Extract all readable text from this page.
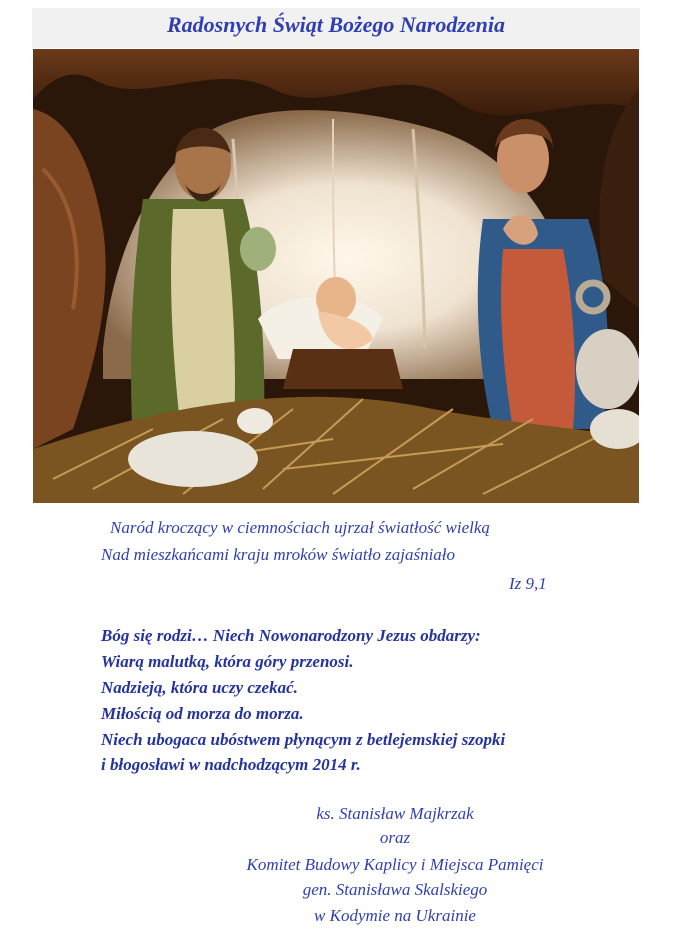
Radosnych Świąt Bożego Narodzenia
Naród kroczący w ciemnościach ujrzał światłość wielką
Nad mieszkańcami kraju mroków światło zajaśniało
Iz 9,1
Bóg się rodzi… Niech Nowonarodzony Jezus obdarzy:
Wiarą malutką, która góry przenosi.
Nadzieją, która uczy czekać.
Miłością od morza do morza.
Niech ubogaca ubóstwem płynącym z betlejemskiej szopki
i błogosławi w nadchodzącym 2014 r.
ks. Stanisław Majkrzak
oraz
Komitet Budowy Kaplicy i Miejsca Pamięci
gen. Stanisława Skalskiego
w Kodymie na Ukrainie
